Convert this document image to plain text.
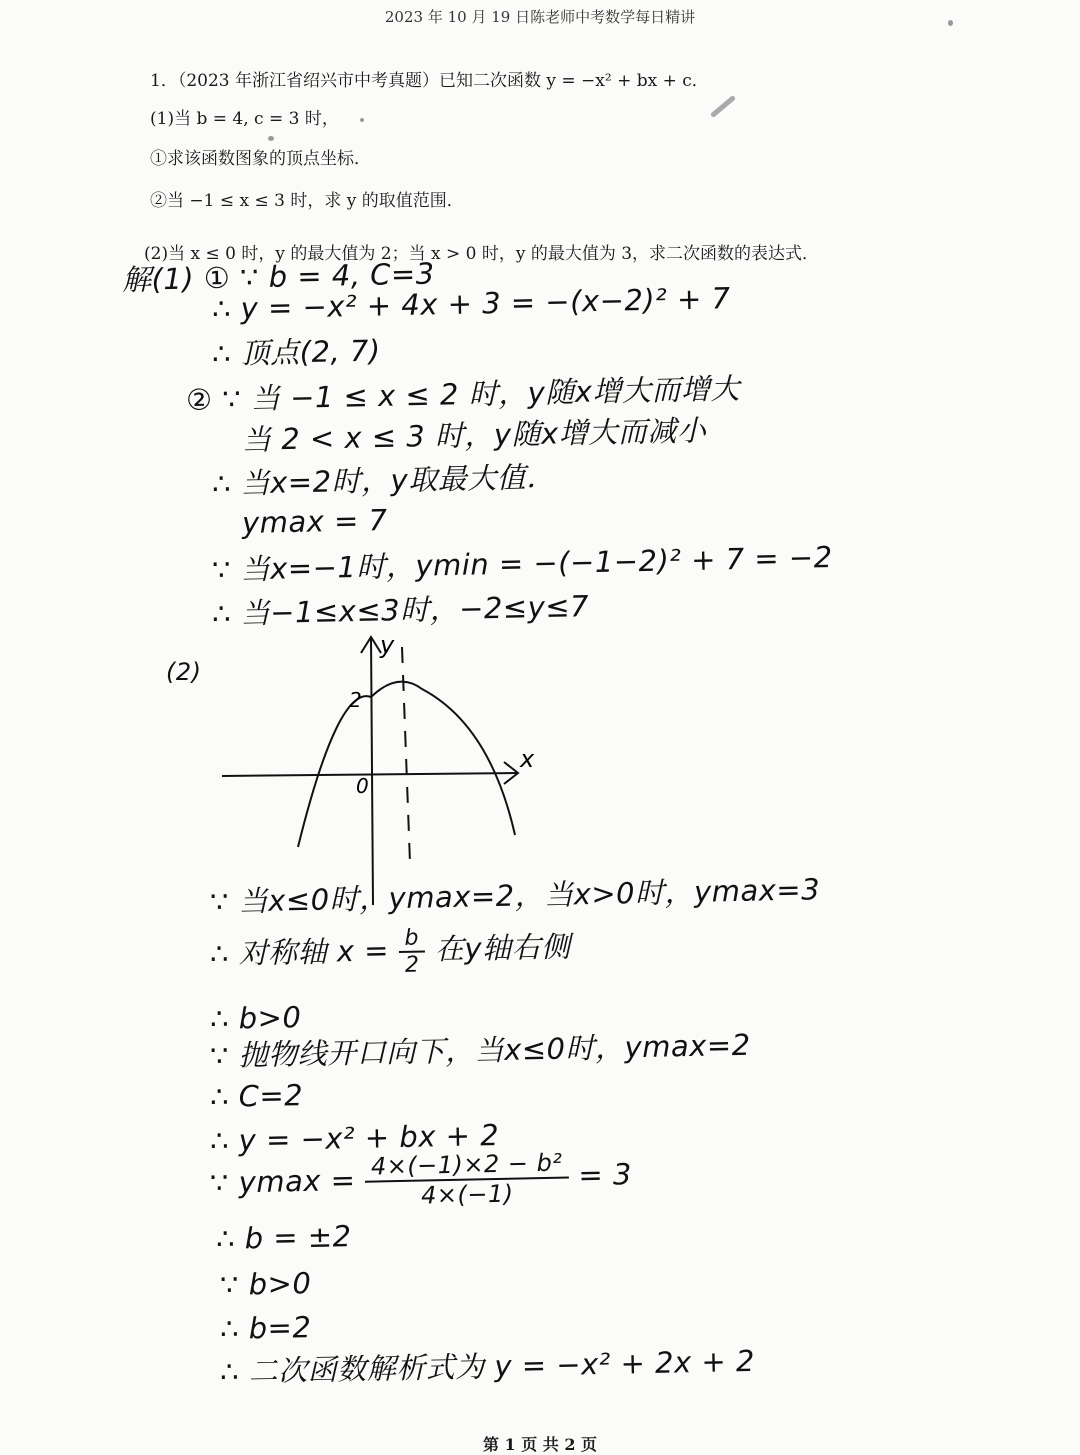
2023 年 10 月 19 日陈老师中考数学每日精讲
1．（2023 年浙江省绍兴市中考真题）已知二次函数 y = −x² + bx + c．
(1)当 b = 4, c = 3 时，
①求该函数图象的顶点坐标．
②当 −1 ≤ x ≤ 3 时，求 y 的取值范围．
(2)当 x ≤ 0 时，y 的最大值为 2；当 x > 0 时，y 的最大值为 3，求二次函数的表达式．
解(1) ① ∵ b = 4, C=3
∴ y = −x² + 4x + 3 = −(x−2)² + 7
∴ 顶点(2, 7)
② ∵ 当 −1 ≤ x ≤ 2 时，y随x增大而增大
当 2 < x ≤ 3 时，y随x增大而减小
∴ 当x=2时，y取最大值．
ymax = 7
∵ 当x=−1时，ymin = −(−1−2)² + 7 = −2
∴ 当−1≤x≤3时，−2≤y≤7
(2)
y
x
0
2
∵ 当x≤0时，ymax=2，当x>0时，ymax=3
∴ 对称轴 $x = \frac{b}{2}$ 在y轴右侧
∴ b>0
∵ 抛物线开口向下，当x≤0时，ymax=2
∴ C=2
∴ y = −x² + bx + 2
∵ $ymax = \frac{\text{4×(−1)×2 − b²}}{4\times(-1)} = 3$
∴ b = ±2
∵ b>0
∴ b=2
∴ 二次函数解析式为 y = −x² + 2x + 2
第 1 页 共 2 页
